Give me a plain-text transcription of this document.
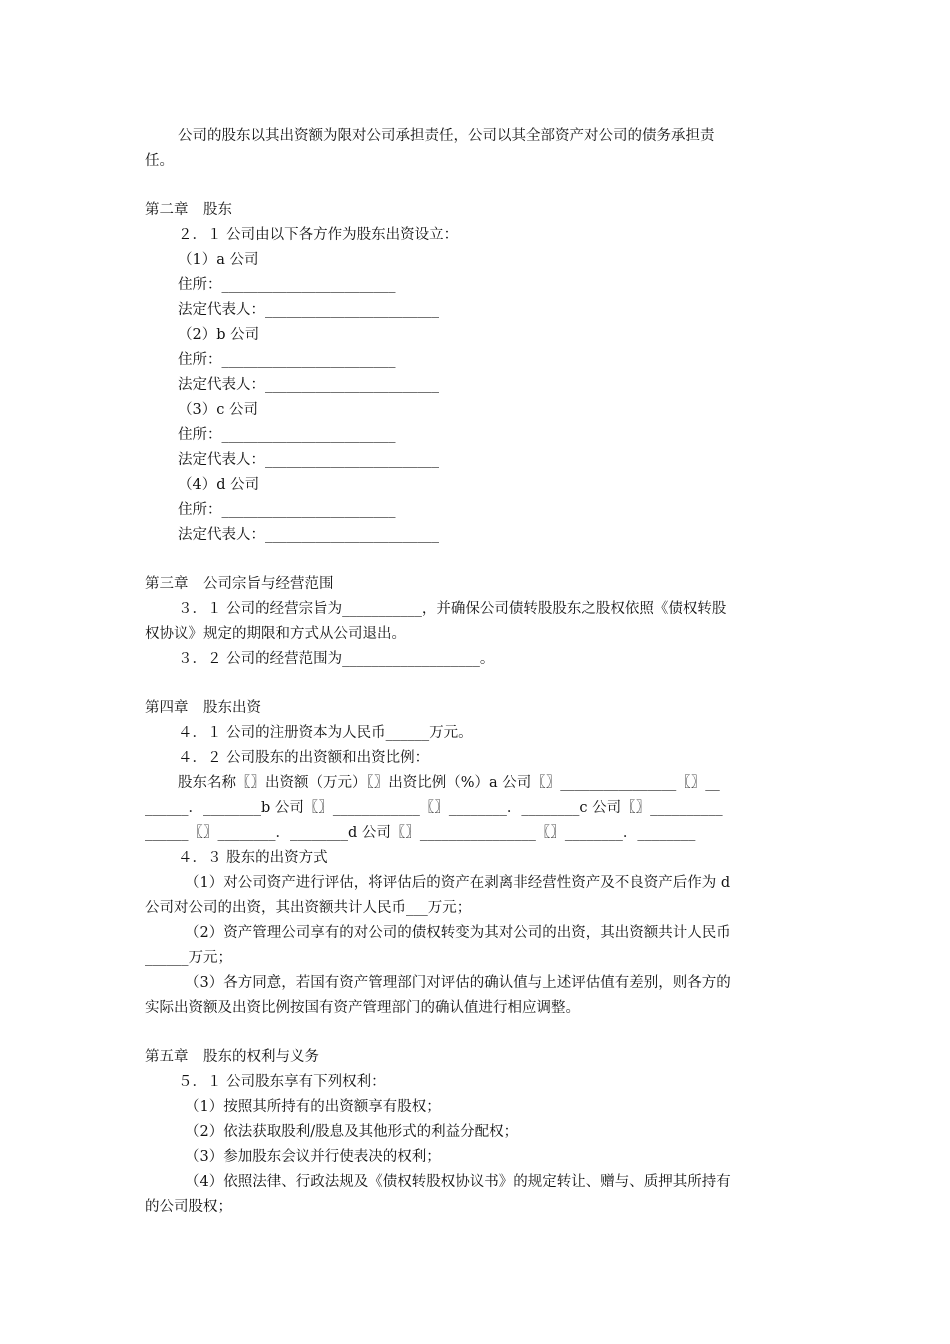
公司的股东以其出资额为限对公司承担责任，公司以其全部资产对公司的债务承担责
任。
第二章　股东
２．１ 公司由以下各方作为股东出资设立：
（1）a 公司
住所：________________________
法定代表人：________________________
（2）b 公司
住所：________________________
法定代表人：________________________
（3）c 公司
住所：________________________
法定代表人：________________________
（4）d 公司
住所：________________________
法定代表人：________________________
第三章　公司宗旨与经营范围
３．１ 公司的经营宗旨为___________，并确保公司债转股股东之股权依照《债权转股
权协议》规定的期限和方式从公司退出。
３．２ 公司的经营范围为___________________。
第四章　股东出资
４．１ 公司的注册资本为人民币______万元。
４．２ 公司股东的出资额和出资比例：
股东名称〖〗出资额（万元）〖〗出资比例（%）a 公司〖〗________________〖〗__
______．________b 公司〖〗____________〖〗________．________c 公司〖〗__________
______〖〗________．________d 公司〖〗________________〖〗________．________
４．３ 股东的出资方式
（1）对公司资产进行评估，将评估后的资产在剥离非经营性资产及不良资产后作为 d
公司对公司的出资，其出资额共计人民币___万元；
（2）资产管理公司享有的对公司的债权转变为其对公司的出资，其出资额共计人民币
______万元；
（3）各方同意，若国有资产管理部门对评估的确认值与上述评估值有差别，则各方的
实际出资额及出资比例按国有资产管理部门的确认值进行相应调整。
第五章　股东的权利与义务
５．１ 公司股东享有下列权利：
（1）按照其所持有的出资额享有股权；
（2）依法获取股利/股息及其他形式的利益分配权；
（3）参加股东会议并行使表决的权利；
（4）依照法律、行政法规及《债权转股权协议书》的规定转让、赠与、质押其所持有
的公司股权；
